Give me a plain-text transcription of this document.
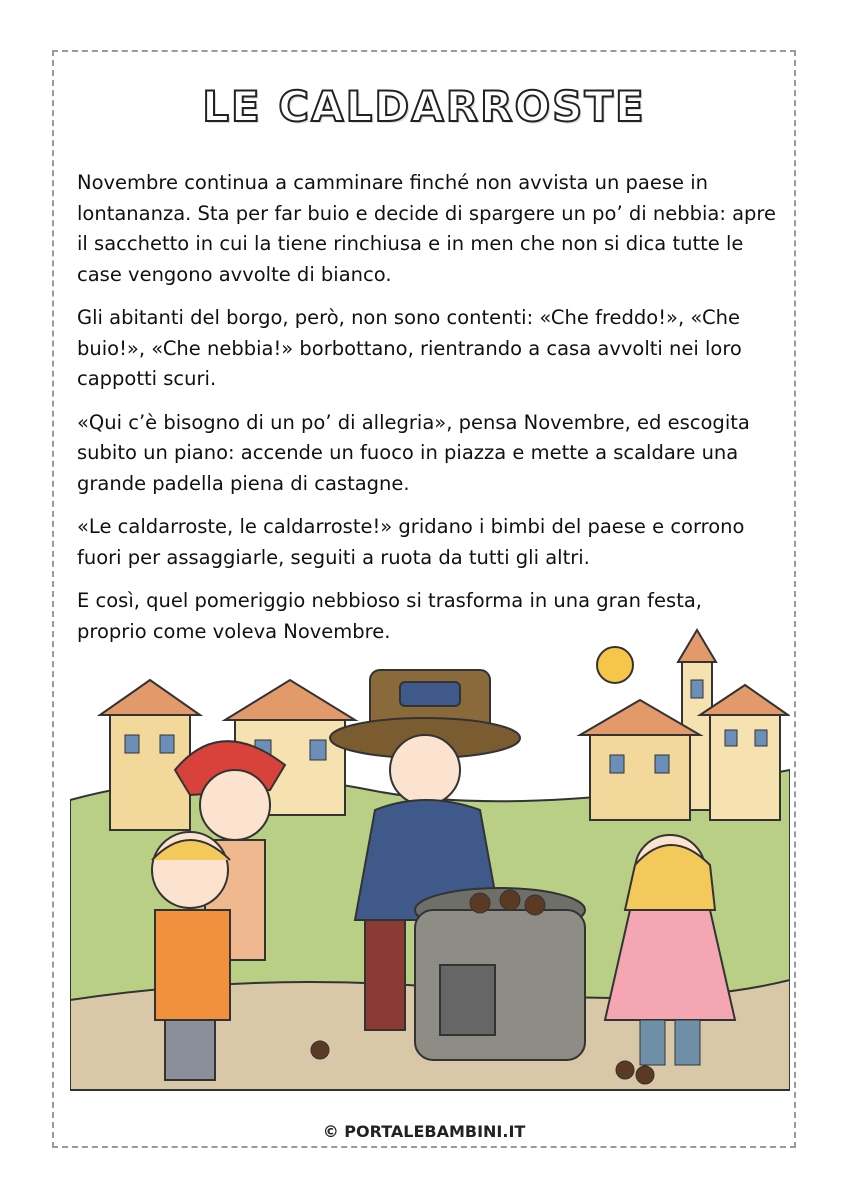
LE CALDARROSTE

Novembre continua a camminare finché non avvista un paese in lontananza. Sta per far buio e decide di spargere un po’ di nebbia: apre il sacchetto in cui la tiene rinchiusa e in men che non si dica tutte le case vengono avvolte di bianco.

Gli abitanti del borgo, però, non sono contenti: «Che freddo!», «Che buio!», «Che nebbia!» borbottano, rientrando a casa avvolti nei loro cappotti scuri.

«Qui c’è bisogno di un po’ di allegria», pensa Novembre, ed escogita subito un piano: accende un fuoco in piazza e mette a scaldare una grande padella piena di castagne.

«Le caldarroste, le caldarroste!» gridano i bimbi del paese e corrono fuori per assaggiarle, seguiti a ruota da tutti gli altri.

E così, quel pomeriggio nebbioso si trasforma in una gran festa, proprio come voleva Novembre.

© PORTALEBAMBINI.IT
